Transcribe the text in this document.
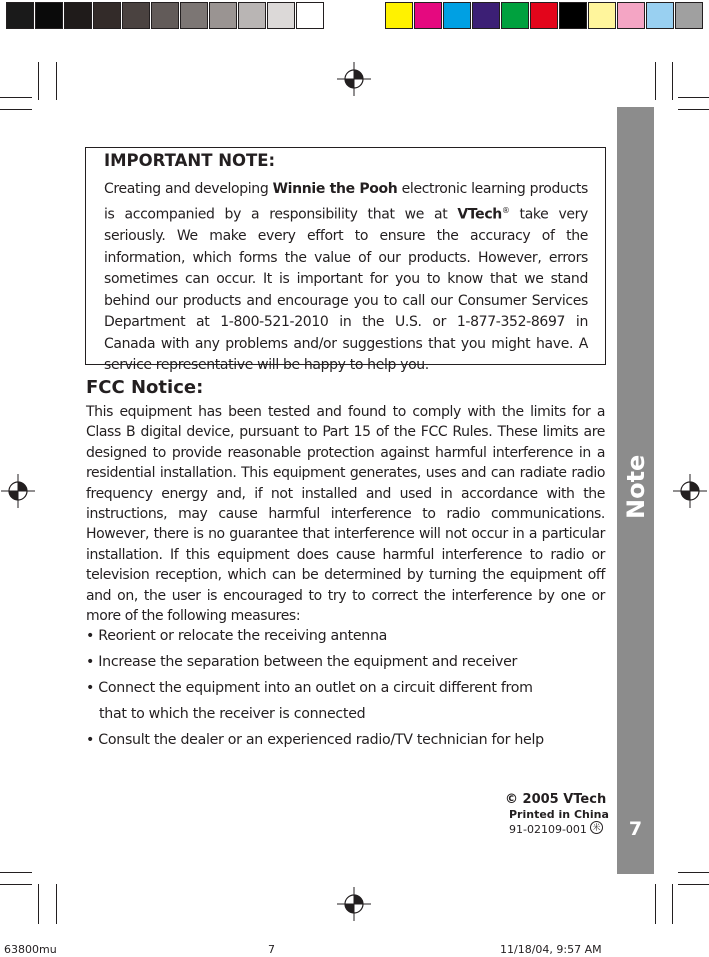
Note
7
IMPORTANT NOTE:
Creating and developing Winnie the Pooh electronic learning products is accompanied by a responsibility that we at VTech® take very seriously. We make every effort to ensure the accuracy of the information, which forms the value of our products. However, errors sometimes can occur. It is important for you to know that we stand behind our products and encourage you to call our Consumer Services Department at 1-800-521-2010 in the U.S. or 1-877-352-8697 in Canada with any problems and/or suggestions that you might have. A service representative will be happy to help you.
FCC Notice:
This equipment has been tested and found to comply with the limits for a Class B digital device, pursuant to Part 15 of the FCC Rules. These limits are designed to provide reasonable protection against harmful interference in a residential installation. This equipment generates, uses and can radiate radio frequency energy and, if not installed and used in accordance with the instructions, may cause harmful interference to radio communications. However, there is no guarantee that interference will not occur in a particular installation. If this equipment does cause harmful interference to radio or television reception, which can be determined by turning the equipment off and on, the user is encouraged to try to correct the interference by one or more of the following measures:
• Reorient or relocate the receiving antenna
• Increase the separation between the equipment and receiver
• Connect the equipment into an outlet on a circuit different from
that to which the receiver is connected
• Consult the dealer or an experienced radio/TV technician for help
© 2005 VTech
Printed in China
91-02109-001 米
63800mu	7	11/18/04, 9:57 AM
